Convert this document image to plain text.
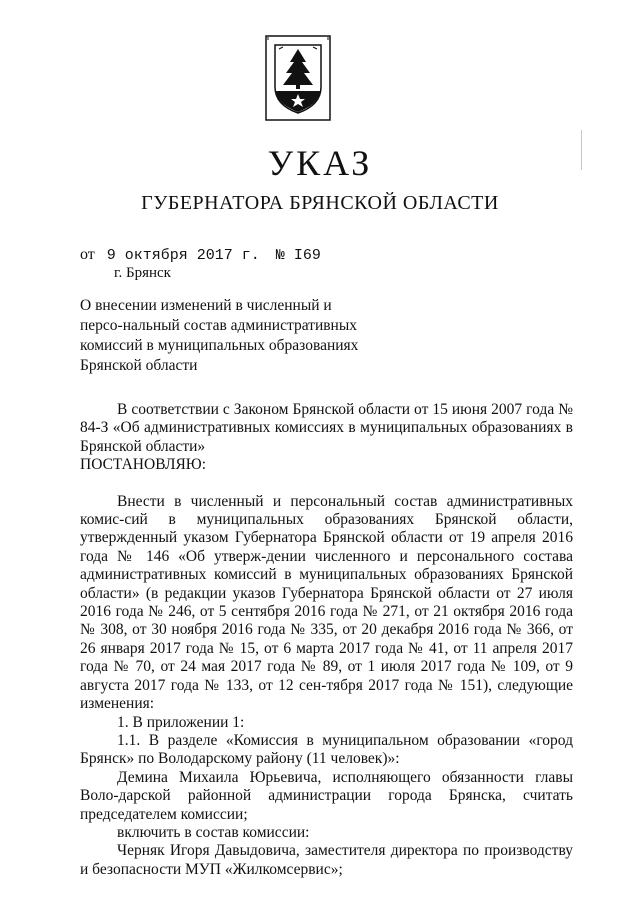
УКАЗ
ГУБЕРНАТОРА БРЯНСКОЙ ОБЛАСТИ
от 9 октября 2017 г. № I69
г. Брянск
О внесении изменений в численный и персо-нальный состав административных комиссий в муниципальных образованиях Брянской области

В соответствии с Законом Брянской области от 15 июня 2007 года № 84-З «Об административных комиссиях в муниципальных образованиях в Брянской области»

ПОСТАНОВЛЯЮ:

Внести в численный и персональный состав административных комис-сий в муниципальных образованиях Брянской области, утвержденный указом Губернатора Брянской области от 19 апреля 2016 года № 146 «Об утверж-дении численного и персонального состава административных комиссий в муниципальных образованиях Брянской области» (в редакции указов Губернатора Брянской области от 27 июля 2016 года № 246, от 5 сентября 2016 года № 271, от 21 октября 2016 года № 308, от 30 ноября 2016 года № 335, от 20 декабря 2016 года № 366, от 26 января 2017 года № 15, от 6 марта 2017 года № 41, от 11 апреля 2017 года № 70, от 24 мая 2017 года № 89, от 1 июля 2017 года № 109, от 9 августа 2017 года № 133, от 12 сен-тября 2017 года № 151), следующие изменения:

1. В приложении 1:

1.1. В разделе «Комиссия в муниципальном образовании «город Брянск» по Володарскому району (11 человек)»:

Демина Михаила Юрьевича, исполняющего обязанности главы Воло-дарской районной администрации города Брянска, считать председателем комиссии;

включить в состав комиссии:

Черняк Игоря Давыдовича, заместителя директора по производству и безопасности МУП «Жилкомсервис»;
